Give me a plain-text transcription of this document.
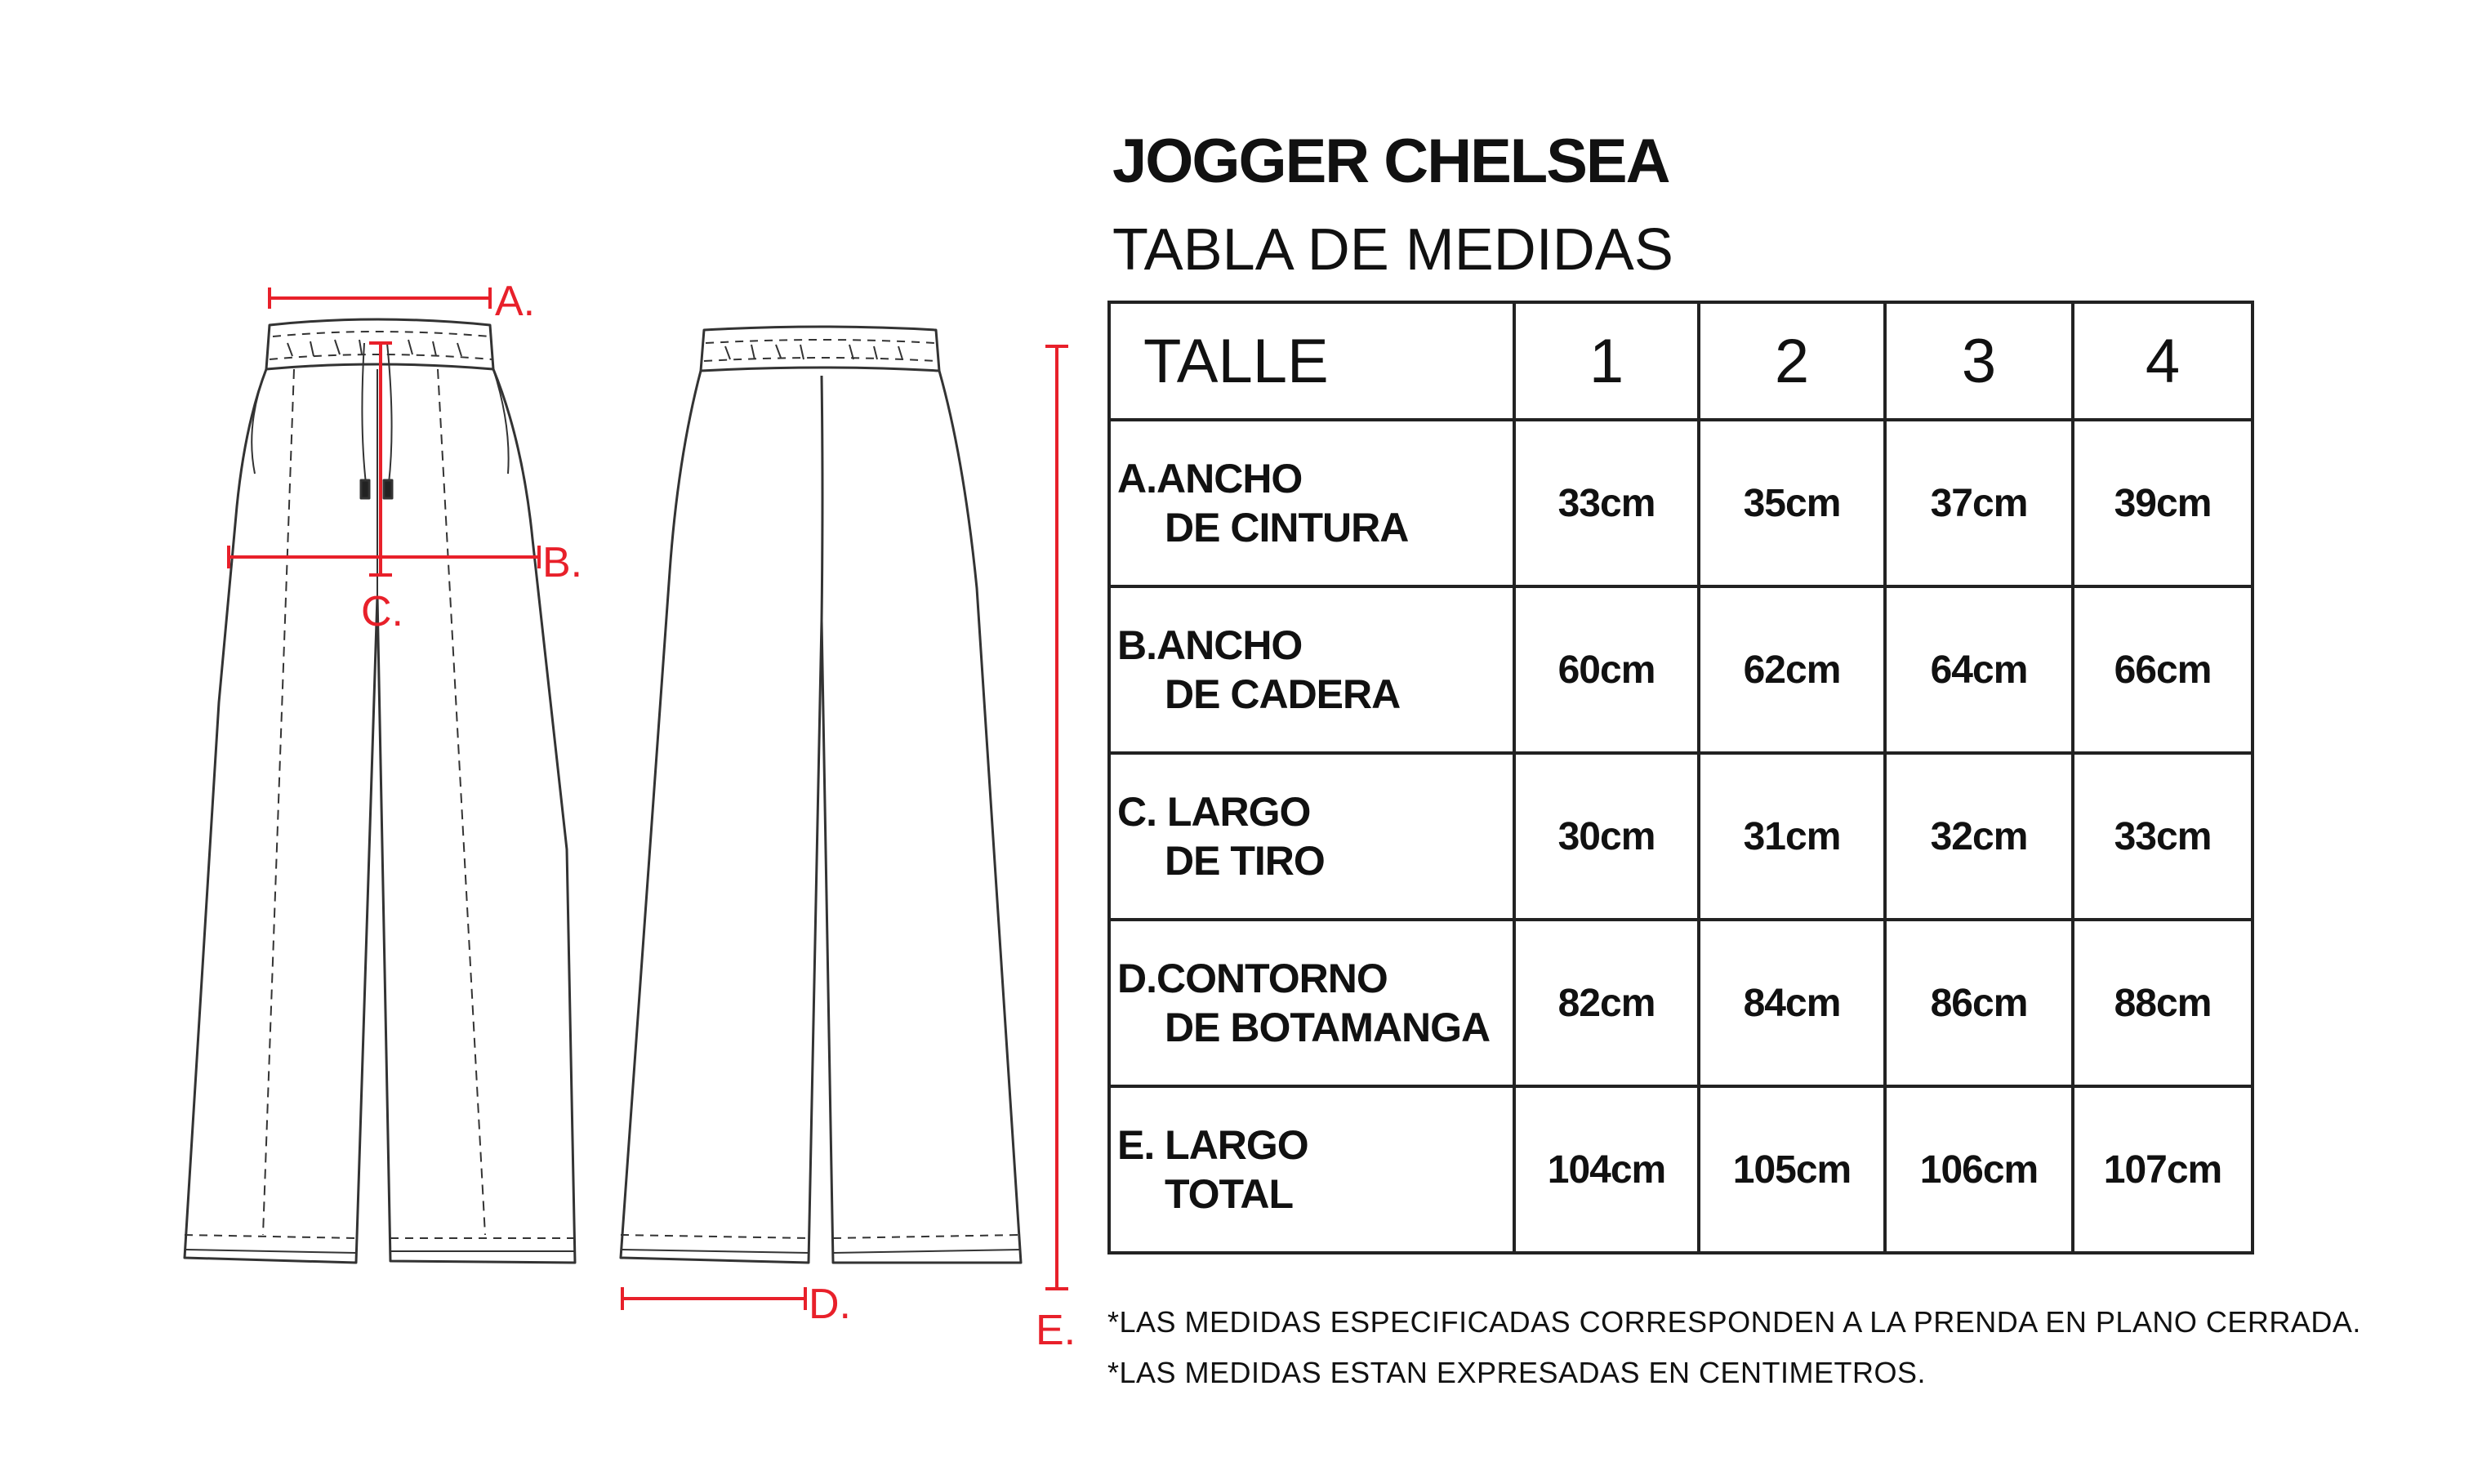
A.
B.
C.
D.
E.
JOGGER CHELSEA
TABLA DE MEDIDAS
TALLE	1	2	3	4

A.ANCHO
DE CINTURA	33cm	35cm	37cm	39cm

B.ANCHO
DE CADERA	60cm	62cm	64cm	66cm

C. LARGO
DE TIRO	30cm	31cm	32cm	33cm

D.CONTORNO
DE BOTAMANGA	82cm	84cm	86cm	88cm

E. LARGO
TOTAL	104cm	105cm	106cm	107cm
*LAS MEDIDAS ESPECIFICADAS CORRESPONDEN A LA PRENDA EN PLANO CERRADA.
*LAS MEDIDAS ESTAN EXPRESADAS EN CENTIMETROS.
